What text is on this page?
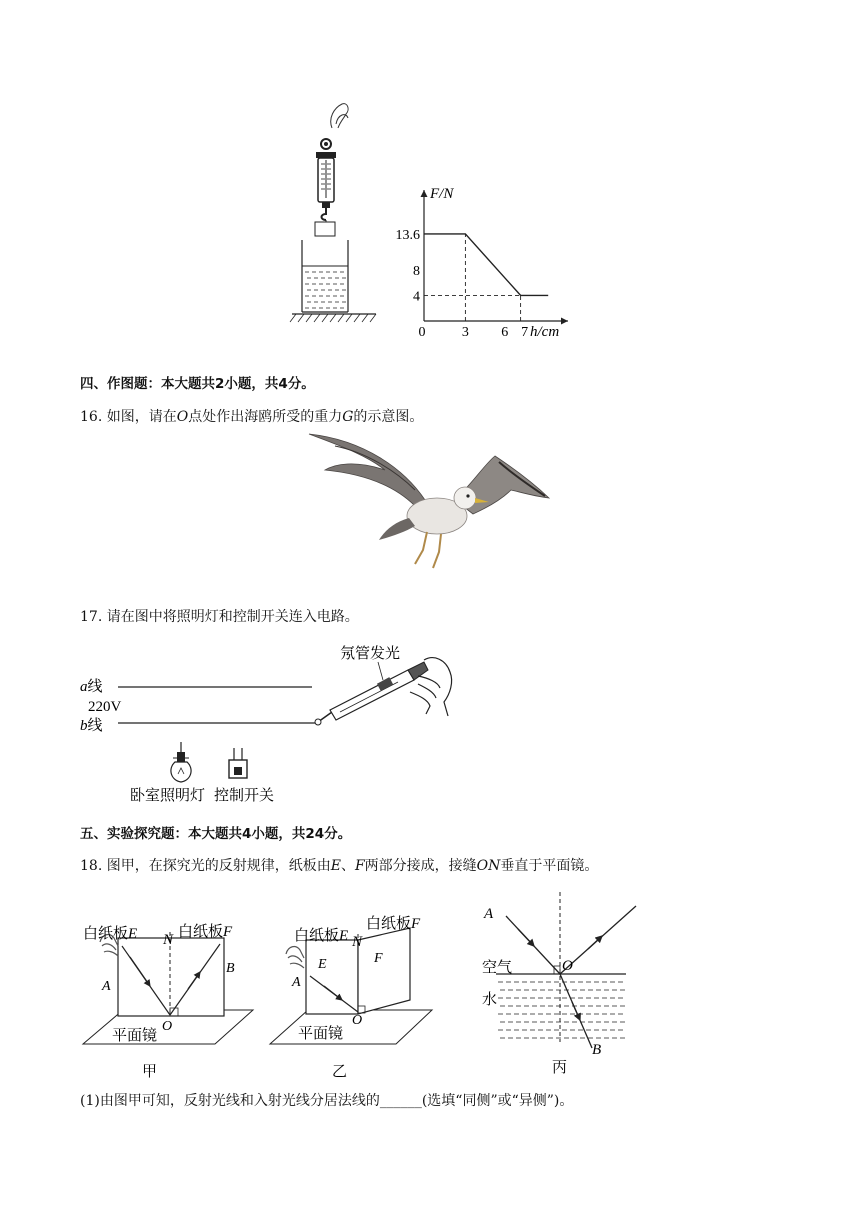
F/N
h/cm
13.6
8
4
0	3 6 7
四、作图题：本大题共2小题，共4分。
16. 如图，请在O点处作出海鸥所受的重力G的示意图。
17. 请在图中将照明灯和控制开关连入电路。
a线
220V
b线
氖管发光
卧室照明灯 控制开关
五、实验探究题：本大题共4小题，共24分。
18. 图甲，在探究光的反射规律，纸板由E、F两部分接成，接缝ON垂直于平面镜。
白纸板E N 白纸板F
A
B
O
平面镜
甲
白纸板E N
白纸板F
A
E	F
O
平面镜
乙
A
O
空气
水
B
丙
(1)由图甲可知，反射光线和入射光线分居法线的______(选填“同侧”或“异侧”)。
